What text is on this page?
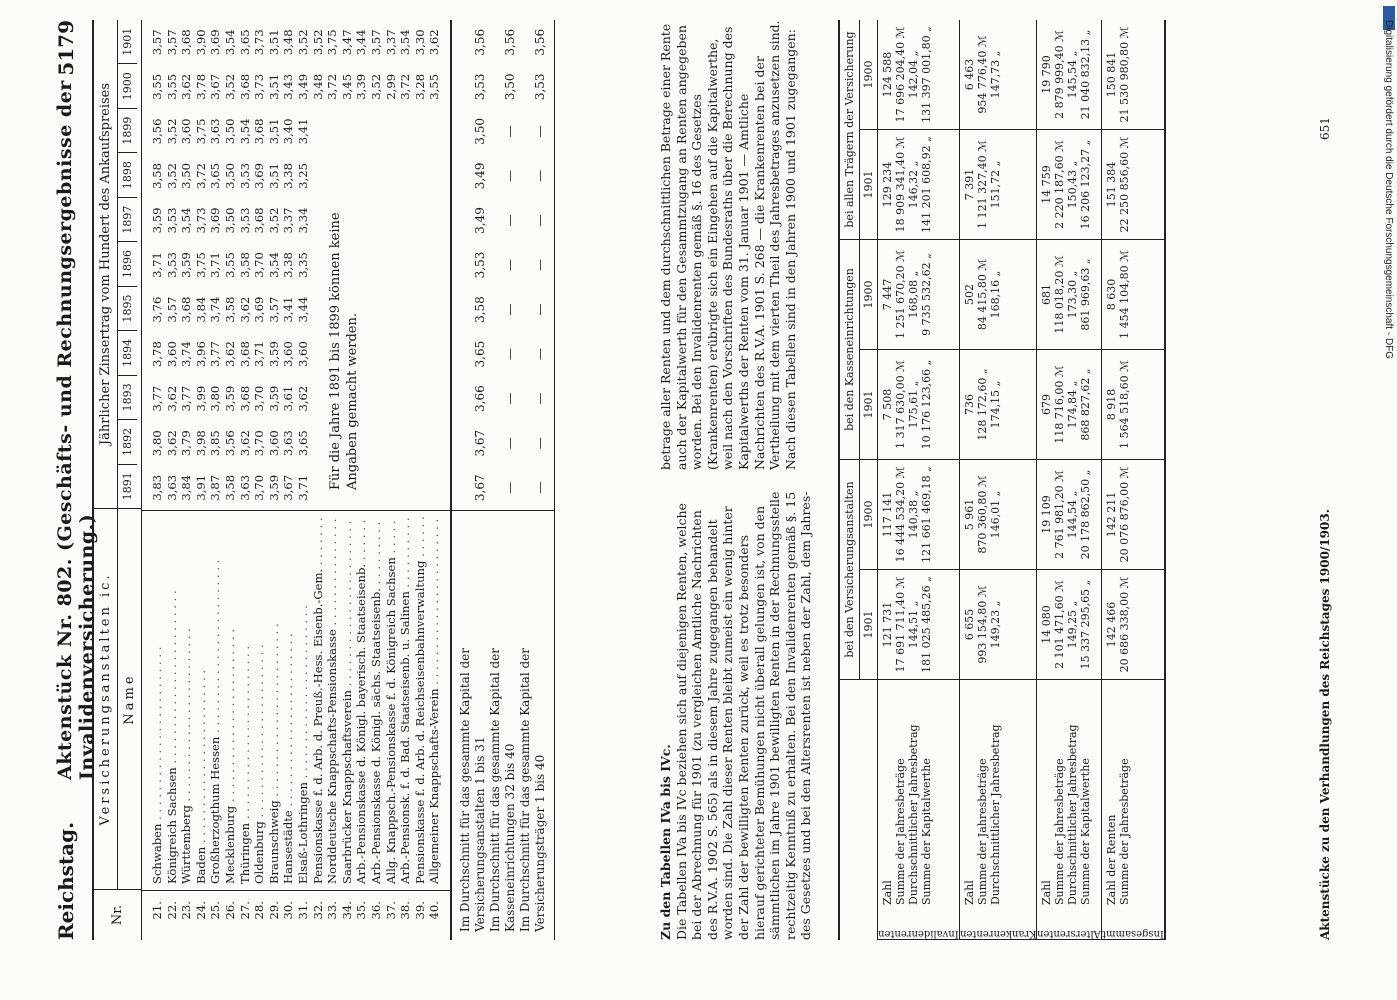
Reichstag.
Aktenstück Nr. 802. (Geschäfts- und Rechnungsergebnisse der Invalidenversicherung.)
5179
Nr.
Versicherungsanstalten ic. Name
Jährlicher Zinsertrag vom Hundert des Ankaufspreises
1891
1892
1893
1894
1895
1896
1897
1898
1899
1900
1901
21. 22. 23. 24. 25. 26. 27. 28. 29. 30. 31. 32. 33. 34. 35. 36. 37. 38. 39. 40.
Schwaben . . . Königreich Sachsen . . . Württemberg . . . Baden . . . Großherzogthum Hessen . . . Mecklenburg . . . Thüringen . . . Oldenburg . . . Braunschweig . . . Hansestädte . . . Elsaß-Lothringen . . . Pensionskasse f. d. Arb. d. Preuß.-Hess. Eisenb.-Gem. . . . Norddeutsche Knappschafts-Pensionskasse . . . Saarbrücker Knappschaftsverein . . . Arb.-Pensionskasse d. Königl. bayerisch. Staatseisenb. . . . Arb.-Pensionskasse d. Königl. sächs. Staatseisenb. . . . Allg. Knappsch.-Pensionskasse f. d. Königreich Sachsen . . . Arb.-Pensionsk. f. d. Bad. Staatseisenb. u. Salinen . . . Pensionskasse f. d. Arb. d. Reichseisenbahnverwaltung . . . Allgemeiner Knappschafts-Verein . . .
Für die Jahre 1891 bis 1899 können keine Angaben gemacht werden.
3,83
3,80
3,77
3,78
3,76
3,71
3,59
3,58
3,56
3,55
3,57
3,63
3,62
3,62
3,60
3,57
3,53
3,53
3,52
3,52
3,55
3,57
3,84
3,79
3,77
3,74
3,68
3,59
3,54
3,50
3,60
3,62
3,68
3,91
3,98
3,99
3,96
3,84
3,75
3,73
3,72
3,75
3,78
3,90
3,87
3,85
3,80
3,77
3,74
3,71
3,69
3,65
3,63
3,67
3,69
3,58
3,56
3,59
3,62
3,58
3,55
3,50
3,50
3,50
3,52
3,54
3,63
3,62
3,68
3,68
3,62
3,58
3,53
3,53
3,54
3,68
3,65
3,70
3,70
3,70
3,71
3,69
3,70
3,68
3,69
3,68
3,73
3,73
3,59
3,60
3,59
3,59
3,57
3,54
3,52
3,51
3,51
3,51
3,51
3,67
3,63
3,61
3,60
3,41
3,38
3,37
3,38
3,40
3,43
3,48
3,71
3,65
3,62
3,60
3,44
3,35
3,34
3,25
3,41
3,49
3,52
3,48
3,52
3,72
3,75
3,45
3,47
3,39
3,44
3,52
3,57
2,99
3,37
3,72
3,54
3,28
3,30
3,55
3,62
Im Durchschnitt für das gesammte Kapital der Versicherungsanstalten 1 bis 31 Im Durchschnitt für das gesammte Kapital der Kasseneinrichtungen 32 bis 40 Im Durchschnitt für das gesammte Kapital der Versicherungsträger 1 bis 40
3,67
3,67
3,66
3,65
3,58
3,53
3,49
3,49
3,50
3,53
3,56
—
—
—
—
—
—
—
—
—
3,50
3,56
—
—
—
—
—
—
—
—
—
3,53
3,56
Zu den Tabellen IVa bis IVc. Die Tabellen IVa bis IVc beziehen sich auf diejenigen Renten, welche bei der Abrechnung für 1901 (zu vergleichen Amtliche Nachrichten des R.V.A. 1902 S. 565) als in diesem Jahre zugegangen behandelt worden sind. Die Zahl dieser Renten bleibt zumeist ein wenig hinter der Zahl der bewilligten Renten zurück, weil es trotz besonders hierauf gerichteter Bemühungen nicht überall gelungen ist, von den sämmtlichen im Jahre 1901 bewilligten Renten in der Rechnungsstelle rechtzeitig Kenntniß zu erhalten. Bei den Invalidenrenten gemäß §. 15 des Gesetzes und bei den Altersrenten ist neben der Zahl, dem Jahres-
betrage aller Renten und dem durchschnittlichen Betrage einer Rente auch der Kapitalwerth für den Gesammtzugang an Renten angegeben worden. Bei den Invalidenrenten gemäß §. 16 des Gesetzes (Krankenrenten) erübrigte sich ein Eingehen auf die Kapitalwerthe, weil nach den Vorschriften des Bundesraths über die Berechnung des Kapitalwerths der Renten vom 31. Januar 1901 — Amtliche Nachrichten des R.V.A. 1901 S. 268 — die Krankenrenten bei der Vertheilung mit dem vierten Theil des Jahresbetrages anzusetzen sind. Nach diesen Tabellen sind in den Jahren 1900 und 1901 zugegangen:
bei den Versicherungsanstalten 1901
1900
bei den Kasseneinrichtungen 1901
1900
bei allen Trägern der Versicherung 1901
1900
Invalidenrenten
Zahl Summe der Jahresbeträge Durchschnittlicher Jahresbetrag Summe der Kapitalwerthe
121 731 17 691 711,40 ℳ 144,51 „ 181 025 485,26 „
117 141 16 444 534,20 ℳ 140,38 „ 121 661 469,18 „
7 508 1 317 630,00 ℳ 175,61 „ 10 176 123,66 „
7 447 1 251 670,20 ℳ 168,08 „ 9 735 532,62 „
129 234 18 909 341,40 ℳ 146,32 „ 141 201 608,92 „
124 588 17 696 204,40 ℳ 142,04 „ 131 397 001,80 „
Krankenrenten
Zahl Summe der Jahresbeträge Durchschnittlicher Jahresbetrag
6 655 993 154,80 ℳ 149,23 „
5 961 870 360,80 ℳ 146,01 „
736 128 172,60 „ 174,15 „
502 84 415,80 ℳ 168,16 „
7 391 1 121 327,40 ℳ 151,72 „
6 463 954 776,40 ℳ 147,73 „
Altersrenten
Zahl Summe der Jahresbeträge Durchschnittlicher Jahresbetrag Summe der Kapitalwerthe
14 080 2 101 471,60 ℳ 149,25 „ 15 337 295,65 „
19 109 2 761 981,20 ℳ 144,54 „ 20 178 862,50 „
679 118 716,00 ℳ 174,84 „ 868 827,62 „
681 118 018,20 ℳ 173,30 „ 861 969,63 „
14 759 2 220 187,60 ℳ 150,43 „ 16 206 123,27 „
19 790 2 879 999,40 ℳ 145,54 „ 21 040 832,13 „
Insgesammt
Zahl der Renten Summe der Jahresbeträge
142 466 20 686 338,00 ℳ
142 211 20 076 876,00 ℳ
8 918 1 564 518,60 ℳ
8 630 1 454 104,80 ℳ
151 384 22 250 856,60 ℳ
150 841 21 530 980,80 ℳ
Aktenstücke zu den Verhandlungen des Reichstages 1900/1903.
651	Digitalisierung gefördert durch die Deutsche Forschungsgemeinschaft - DFG
